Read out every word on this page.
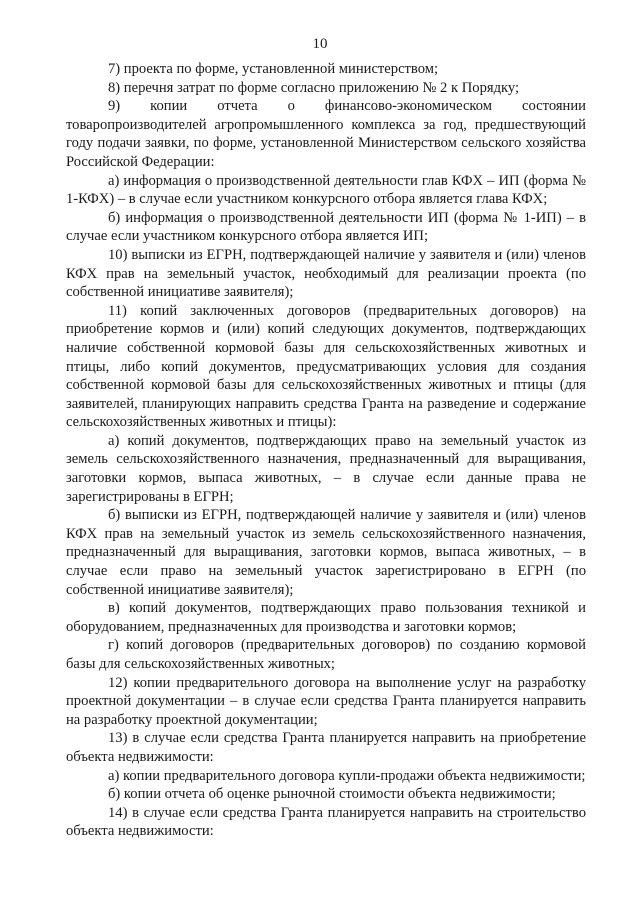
10

7) проекта по форме, установленной министерством;

8) перечня затрат по форме согласно приложению № 2 к Порядку;

9) копии отчета о финансово-экономическом состоянии товаропроизводителей агропромышленного комплекса за год, предшествующий году подачи заявки, по форме, установленной Министерством сельского хозяйства Российской Федерации:

а) информация о производственной деятельности глав КФХ – ИП (форма № 1-КФХ) – в случае если участником конкурсного отбора является глава КФХ;

б) информация о производственной деятельности ИП (форма № 1-ИП) – в случае если участником конкурсного отбора является ИП;

10) выписки из ЕГРН, подтверждающей наличие у заявителя и (или) членов КФХ прав на земельный участок, необходимый для реализации проекта (по собственной инициативе заявителя);

11) копий заключенных договоров (предварительных договоров) на приобретение кормов и (или) копий следующих документов, подтверждающих наличие собственной кормовой базы для сельскохозяйственных животных и птицы, либо копий документов, предусматривающих условия для создания собственной кормовой базы для сельскохозяйственных животных и птицы (для заявителей, планирующих направить средства Гранта на разведение и содержание сельскохозяйственных животных и птицы):

а) копий документов, подтверждающих право на земельный участок из земель сельскохозяйственного назначения, предназначенный для выращивания, заготовки кормов, выпаса животных, – в случае если данные права не зарегистрированы в ЕГРН;

б) выписки из ЕГРН, подтверждающей наличие у заявителя и (или) членов КФХ прав на земельный участок из земель сельскохозяйственного назначения, предназначенный для выращивания, заготовки кормов, выпаса животных, – в случае если право на земельный участок зарегистрировано в ЕГРН (по собственной инициативе заявителя);

в) копий документов, подтверждающих право пользования техникой и оборудованием, предназначенных для производства и заготовки кормов;

г) копий договоров (предварительных договоров) по созданию кормовой базы для сельскохозяйственных животных;

12) копии предварительного договора на выполнение услуг на разработку проектной документации – в случае если средства Гранта планируется направить на разработку проектной документации;

13) в случае если средства Гранта планируется направить на приобретение объекта недвижимости:

а) копии предварительного договора купли-продажи объекта недвижимости;

б) копии отчета об оценке рыночной стоимости объекта недвижимости;

14) в случае если средства Гранта планируется направить на строительство объекта недвижимости:
